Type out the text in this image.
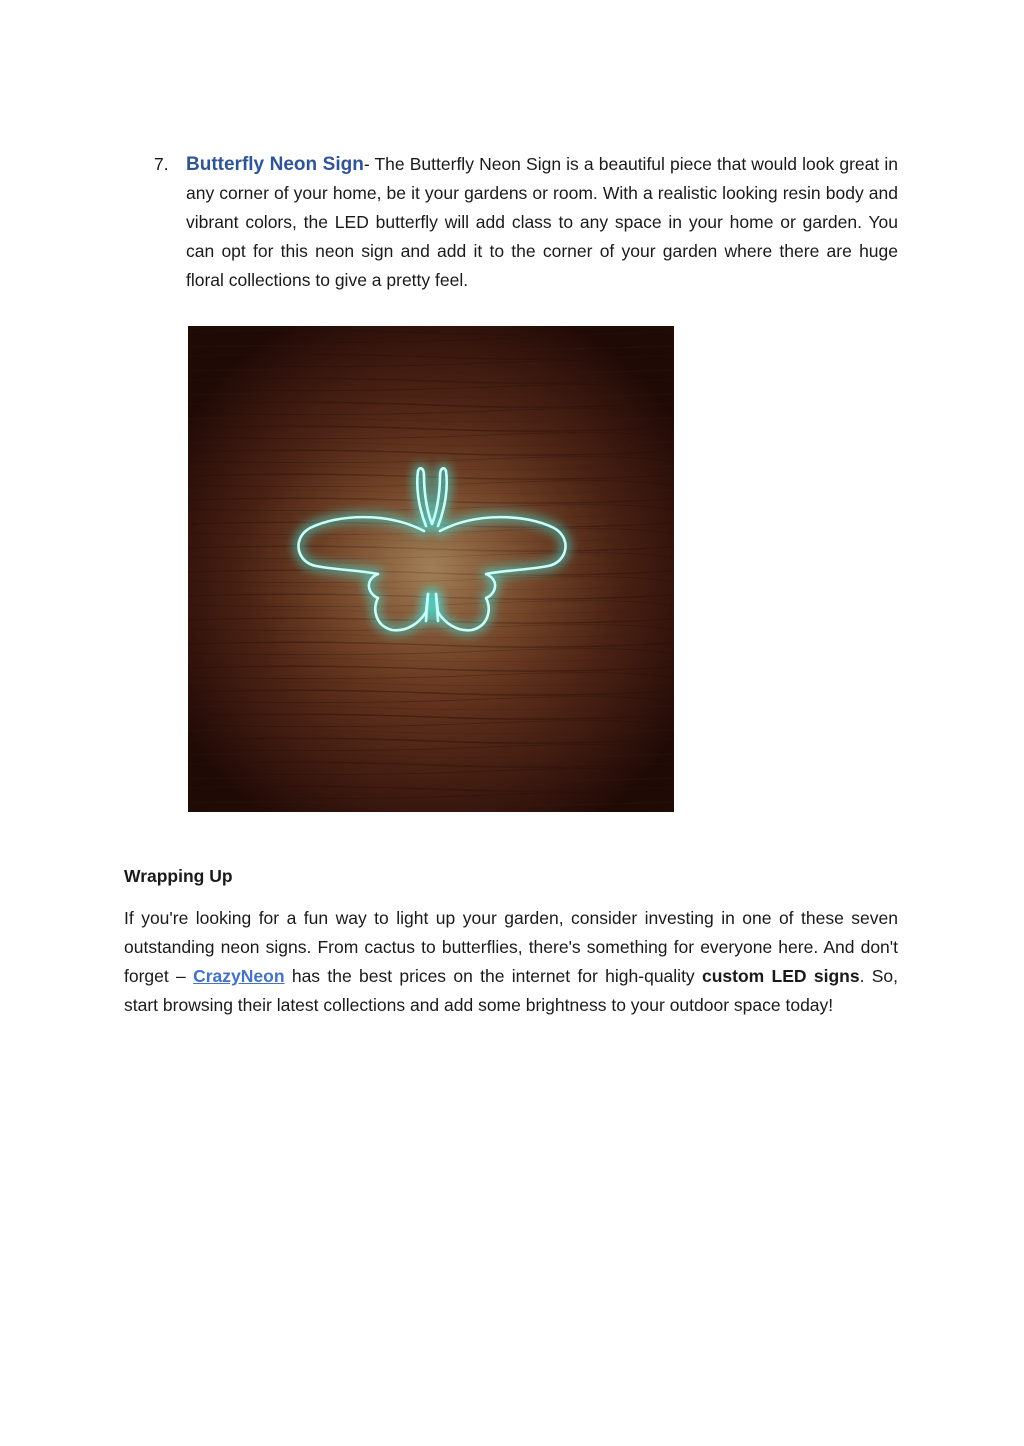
7. Butterfly Neon Sign- The Butterfly Neon Sign is a beautiful piece that would look great in any corner of your home, be it your gardens or room. With a realistic looking resin body and vibrant colors, the LED butterfly will add class to any space in your home or garden. You can opt for this neon sign and add it to the corner of your garden where there are huge floral collections to give a pretty feel.
Wrapping Up
If you're looking for a fun way to light up your garden, consider investing in one of these seven outstanding neon signs. From cactus to butterflies, there's something for everyone here. And don't forget – CrazyNeon has the best prices on the internet for high-quality custom LED signs. So, start browsing their latest collections and add some brightness to your outdoor space today!
